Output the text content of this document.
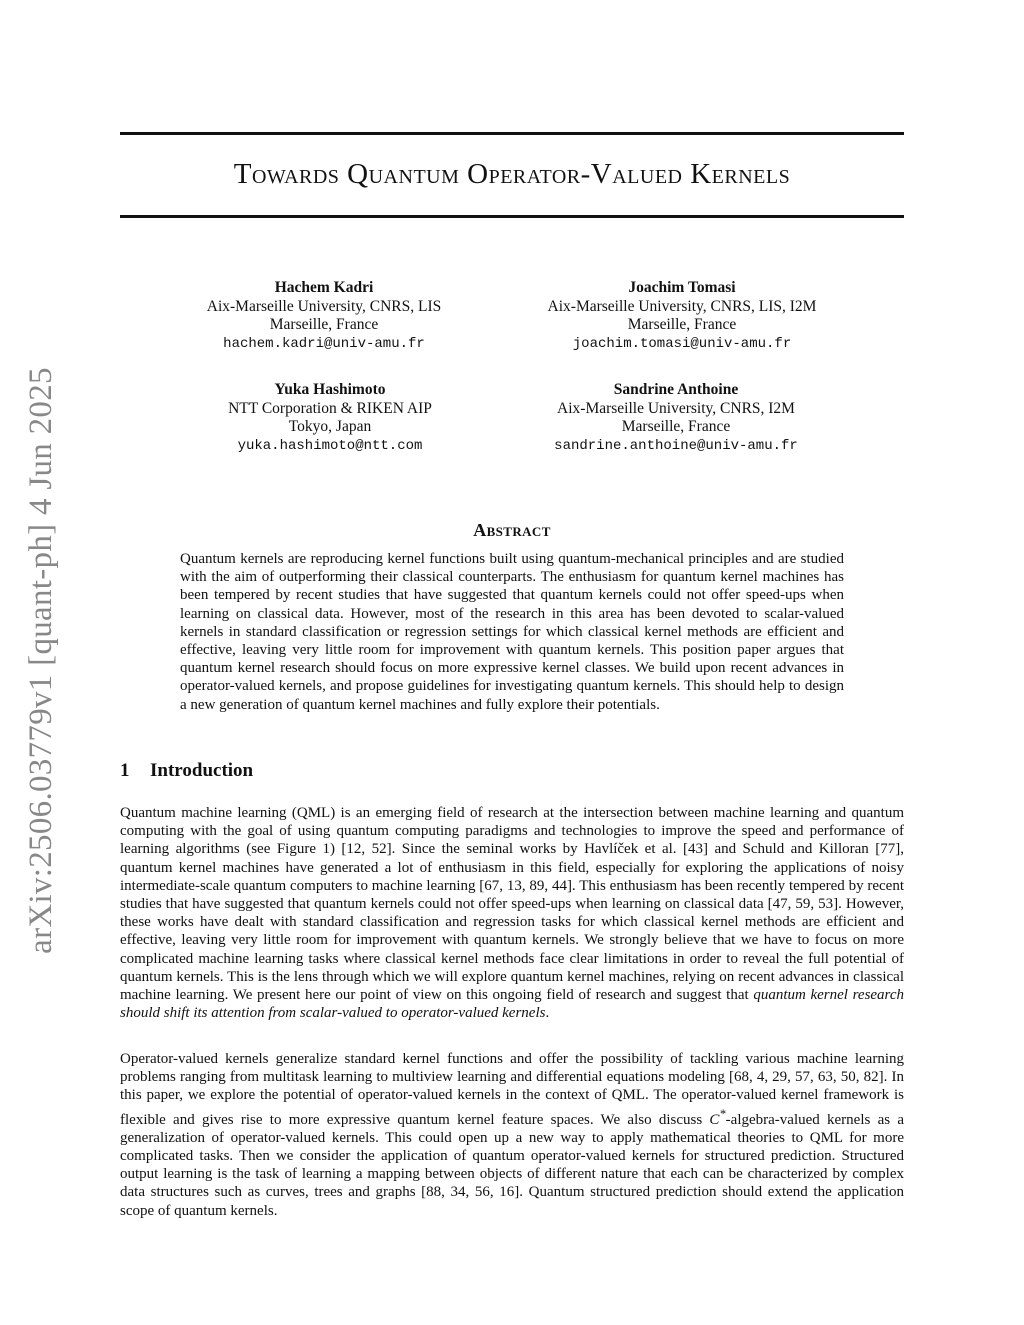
arXiv:2506.03779v1 [quant-ph] 4 Jun 2025
Towards Quantum Operator-Valued Kernels
Hachem Kadri
Aix-Marseille University, CNRS, LIS
Marseille, France
hachem.kadri@univ-amu.fr
Joachim Tomasi
Aix-Marseille University, CNRS, LIS, I2M
Marseille, France
joachim.tomasi@univ-amu.fr
Yuka Hashimoto
NTT Corporation & RIKEN AIP
Tokyo, Japan
yuka.hashimoto@ntt.com
Sandrine Anthoine
Aix-Marseille University, CNRS, I2M
Marseille, France
sandrine.anthoine@univ-amu.fr
Abstract

Quantum kernels are reproducing kernel functions built using quantum-mechanical principles and are studied with the aim of outperforming their classical counterparts. The enthusiasm for quantum kernel machines has been tempered by recent studies that have suggested that quantum kernels could not offer speed-ups when learning on classical data. However, most of the research in this area has been devoted to scalar-valued kernels in standard classification or regression settings for which classical kernel methods are efficient and effective, leaving very little room for improvement with quantum kernels. This position paper argues that quantum kernel research should focus on more expressive kernel classes. We build upon recent advances in operator-valued kernels, and propose guidelines for investigating quantum kernels. This should help to design a new generation of quantum kernel machines and fully explore their potentials.

1 Introduction

Quantum machine learning (QML) is an emerging field of research at the intersection between machine learning and quantum computing with the goal of using quantum computing paradigms and technologies to improve the speed and performance of learning algorithms (see Figure 1) [12, 52]. Since the seminal works by Havlíček et al. [43] and Schuld and Killoran [77], quantum kernel machines have generated a lot of enthusiasm in this field, especially for exploring the applications of noisy intermediate-scale quantum computers to machine learning [67, 13, 89, 44]. This enthusiasm has been recently tempered by recent studies that have suggested that quantum kernels could not offer speed-ups when learning on classical data [47, 59, 53]. However, these works have dealt with standard classification and regression tasks for which classical kernel methods are efficient and effective, leaving very little room for improvement with quantum kernels. We strongly believe that we have to focus on more complicated machine learning tasks where classical kernel methods face clear limitations in order to reveal the full potential of quantum kernels. This is the lens through which we will explore quantum kernel machines, relying on recent advances in classical machine learning. We present here our point of view on this ongoing field of research and suggest that quantum kernel research should shift its attention from scalar-valued to operator-valued kernels.

Operator-valued kernels generalize standard kernel functions and offer the possibility of tackling various machine learning problems ranging from multitask learning to multiview learning and differential equations modeling [68, 4, 29, 57, 63, 50, 82]. In this paper, we explore the potential of operator-valued kernels in the context of QML. The operator-valued kernel framework is flexible and gives rise to more expressive quantum kernel feature spaces. We also discuss C*-algebra-valued kernels as a generalization of operator-valued kernels. This could open up a new way to apply mathematical theories to QML for more complicated tasks. Then we consider the application of quantum operator-valued kernels for structured prediction. Structured output learning is the task of learning a mapping between objects of different nature that each can be characterized by complex data structures such as curves, trees and graphs [88, 34, 56, 16]. Quantum structured prediction should extend the application scope of quantum kernels.
